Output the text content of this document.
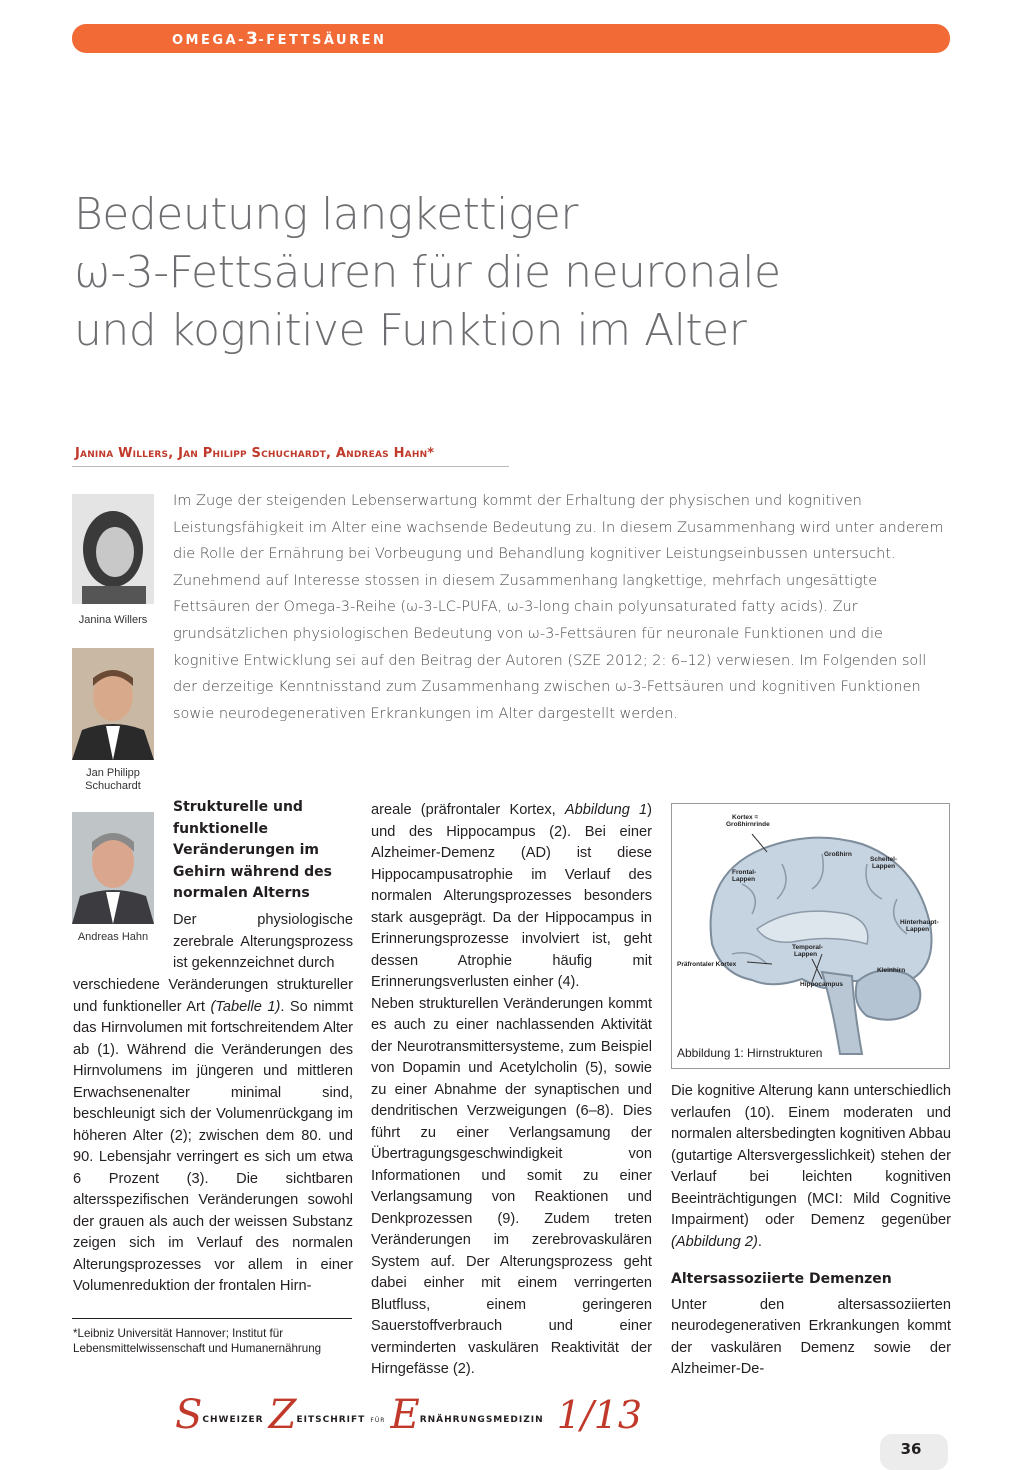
OMEGA-3-FETTSÄUREN
Bedeutung langkettiger
ω-3-Fettsäuren für die neuronale
und kognitive Funktion im Alter
Janina Willers, Jan Philipp Schuchardt, Andreas Hahn*
Janina Willers
Jan Philipp
Schuchardt
Andreas Hahn

Im Zuge der steigenden Lebenserwartung kommt der Erhaltung der physischen und kognitiven Leistungsfähigkeit im Alter eine wachsende Bedeutung zu. In diesem Zusammenhang wird unter anderem die Rolle der Ernährung bei Vorbeugung und Behandlung kognitiver Leistungseinbussen untersucht. Zunehmend auf Interesse stossen in diesem Zusammenhang langkettige, mehrfach ungesättigte Fettsäuren der Omega-3-Reihe (ω-3-LC-PUFA, ω-3-long chain polyunsaturated fatty acids). Zur grundsätzlichen physiologischen Bedeutung von ω-3-Fettsäuren für neuronale Funktionen und die kognitive Entwicklung sei auf den Beitrag der Autoren (SZE 2012; 2: 6–12) verwiesen. Im Folgenden soll der derzeitige Kenntnisstand zum Zusammenhang zwischen ω-3-Fettsäuren und kognitiven Funktionen sowie neurodegenerativen Erkrankungen im Alter dargestellt werden.

Strukturelle und funktionelle Veränderungen im Gehirn während des normalen Alterns
Der physiologische zerebrale Alterungsprozess ist gekennzeichnet durch
verschiedene Veränderungen struktureller und funktioneller Art (Tabelle 1). So nimmt das Hirnvolumen mit fortschreitendem Alter ab (1). Während die Veränderungen des Hirnvolumens im jüngeren und mittleren Erwachsenenalter minimal sind, beschleunigt sich der Volumenrückgang im höheren Alter (2); zwischen dem 80. und 90. Lebensjahr verringert es sich um etwa 6 Prozent (3). Die sichtbaren altersspezifischen Veränderungen sowohl der grauen als auch der weissen Substanz zeigen sich im Verlauf des normalen Alterungsprozesses vor allem in einer Volumenreduktion der frontalen Hirn-

areale (präfrontaler Kortex, Abbildung 1) und des Hippocampus (2). Bei einer Alzheimer-Demenz (AD) ist diese Hippocampusatrophie im Verlauf des normalen Alterungsprozesses besonders stark ausgeprägt. Da der Hippocampus in Erinnerungsprozesse involviert ist, geht dessen Atrophie häufig mit Erinnerungsverlusten einher (4).

Neben strukturellen Veränderungen kommt es auch zu einer nachlassenden Aktivität der Neurotransmittersysteme, zum Beispiel von Dopamin und Acetylcholin (5), sowie zu einer Abnahme der synaptischen und dendritischen Verzweigungen (6–8). Dies führt zu einer Verlangsamung der Übertragungsgeschwindigkeit von Informationen und somit zu einer Verlangsamung von Reaktionen und Denkprozessen (9). Zudem treten Veränderungen im zerebrovaskulären System auf. Der Alterungsprozess geht dabei einher mit einem verringerten Blutfluss, einem geringeren Sauerstoffverbrauch und einer verminderten vaskulären Reaktivität der Hirngefässe (2).

Kortex =
Großhirnrinde
Großhirn
Frontal-
Lappen
Scheitel-
Lappen
Hinterhaupt-
Lappen
Temporal-
Lappen
Präfrontaler Kortex
Kleinhirn
Hippocampus
Abbildung 1: Hirnstrukturen

Die kognitive Alterung kann unterschiedlich verlaufen (10). Einem moderaten und normalen altersbedingten kognitiven Abbau (gutartige Altersvergesslichkeit) stehen der Verlauf bei leichten kognitiven Beeinträchtigungen (MCI: Mild Cognitive Impairment) oder Demenz gegenüber (Abbildung 2).

Altersassoziierte Demenzen

Unter den altersassoziierten neurodegenerativen Erkrankungen kommt der vaskulären Demenz sowie der Alzheimer-De-

*Leibniz Universität Hannover; Institut für Lebensmittelwissenschaft und Humanernährung
$S^{CHWEIZER}$ $Z^{EITSCHRIFT}$ $^{FÜR}$ $E^{RNÄHRUNGSMEDIZIN}$ 1/13
36
